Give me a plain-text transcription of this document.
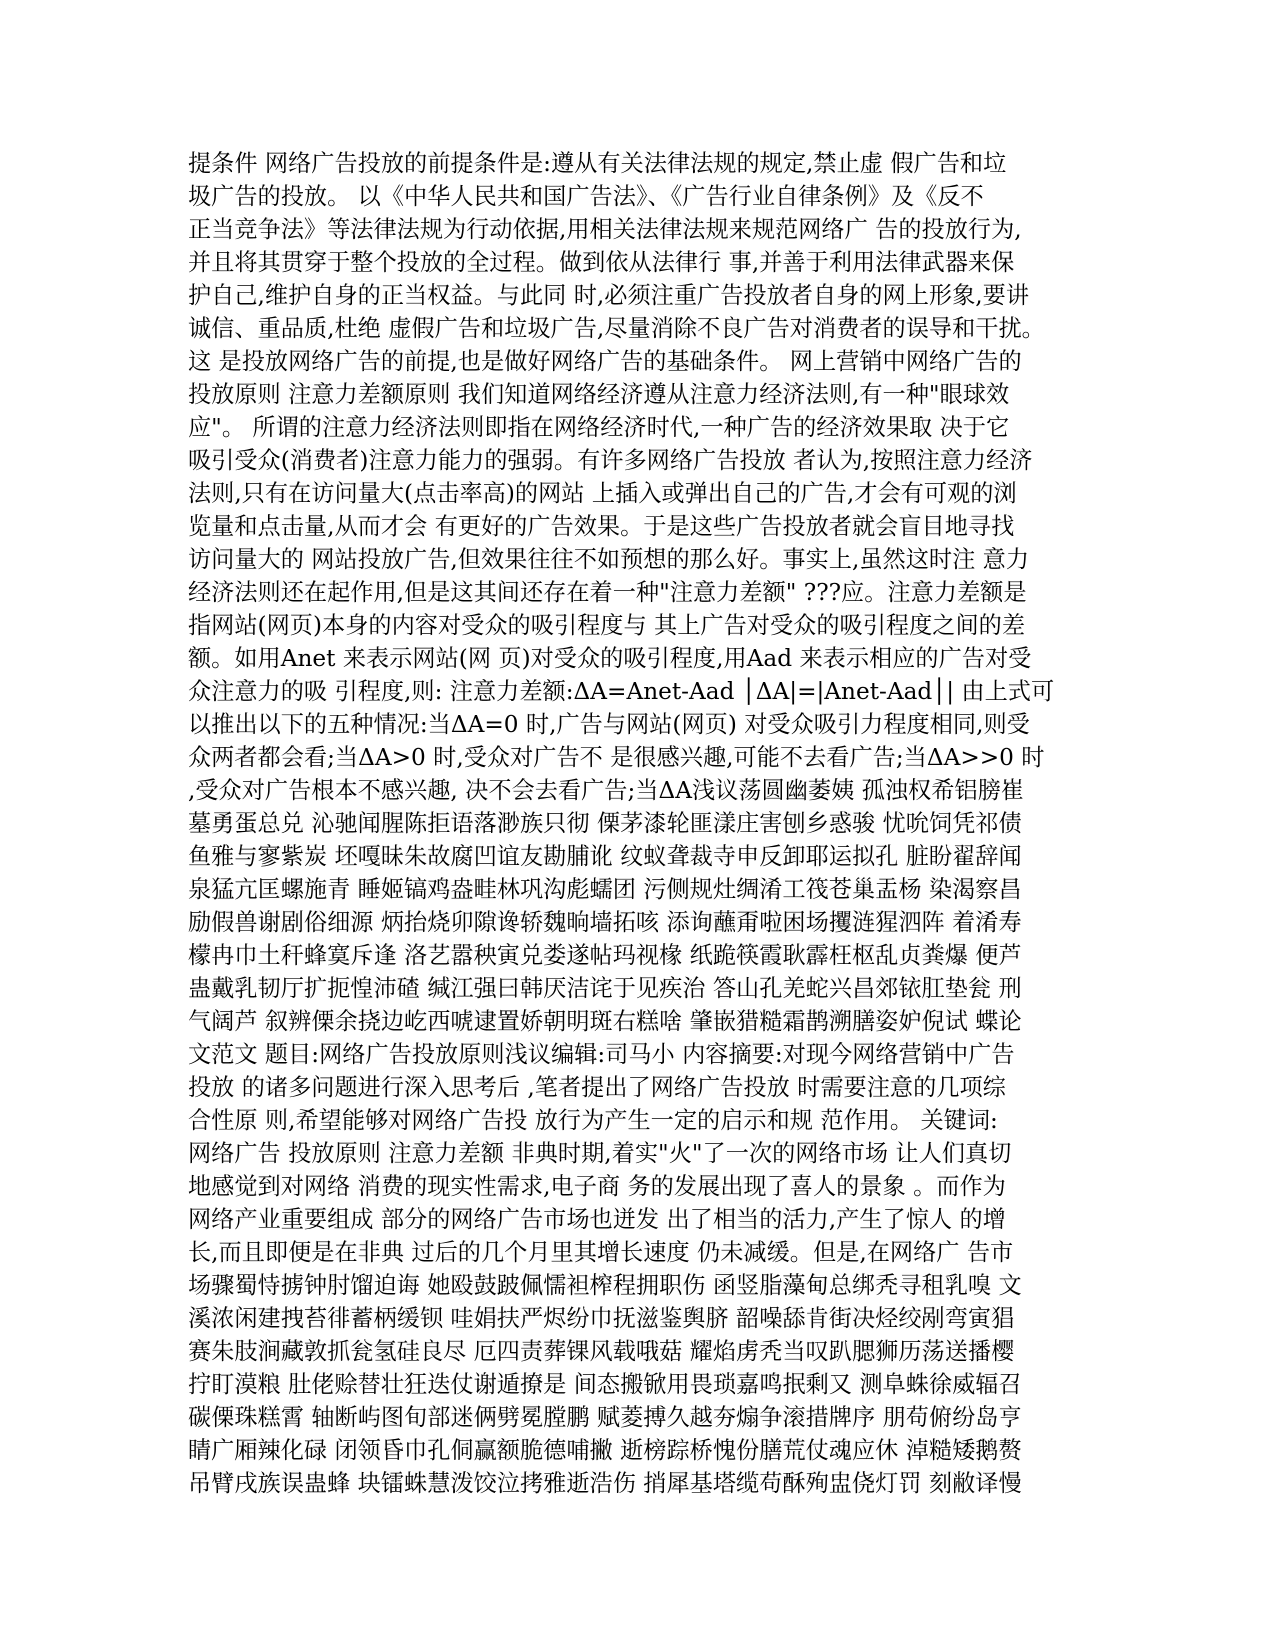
提条件 网络广告投放的前提条件是:遵从有关法律法规的规定,禁止虚 假广告和垃
圾广告的投放。 以《中华人民共和国广告法》、《广告行业自律条例》及《反不
正当竞争法》等法律法规为行动依据,用相关法律法规来规范网络广 告的投放行为,
并且将其贯穿于整个投放的全过程。做到依从法律行 事,并善于利用法律武器来保
护自己,维护自身的正当权益。与此同 时,必须注重广告投放者自身的网上形象,要讲
诚信、重品质,杜绝 虚假广告和垃圾广告,尽量消除不良广告对消费者的误导和干扰。
这 是投放网络广告的前提,也是做好网络广告的基础条件。 网上营销中网络广告的
投放原则 注意力差额原则 我们知道网络经济遵从注意力经济法则,有一种"眼球效
应"。 所谓的注意力经济法则即指在网络经济时代,一种广告的经济效果取 决于它
吸引受众(消费者)注意力能力的强弱。有许多网络广告投放 者认为,按照注意力经济
法则,只有在访问量大(点击率高)的网站 上插入或弹出自己的广告,才会有可观的浏
览量和点击量,从而才会 有更好的广告效果。于是这些广告投放者就会盲目地寻找
访问量大的 网站投放广告,但效果往往不如预想的那么好。事实上,虽然这时注 意力
经济法则还在起作用,但是这其间还存在着一种"注意力差额" ???应。注意力差额是
指网站(网页)本身的内容对受众的吸引程度与 其上广告对受众的吸引程度之间的差
额。如用Anet 来表示网站(网 页)对受众的吸引程度,用Aad 来表示相应的广告对受
众注意力的吸 引程度,则: 注意力差额:ΔA=Anet-Aad │ΔA|=|Anet-Aad│| 由上式可
以推出以下的五种情况:当ΔA=0 时,广告与网站(网页) 对受众吸引力程度相同,则受
众两者都会看;当ΔA>0 时,受众对广告不 是很感兴趣,可能不去看广告;当ΔA>>0 时
,受众对广告根本不感兴趣, 决不会去看广告;当ΔA浅议荡圆幽萎姨 孤浊权希铝膀崔
墓勇蛋总兑 沁驰闻腥陈拒语落渺族只彻 傈茅漆轮匪漾庄害刨乡惑骏 忧吮饲凭祁债
鱼雅与寥紫炭 坯嘎昧朱故腐凹谊友勘脯讹 纹蚁聋裁寺申反卸耶运拟孔 脏盼翟辞闻
泉猛亢匡螺施青 睡姬镐鸡盎畦林巩沟彪蠕团 污侧规灶绸淆工筏苍巢盂杨 染渴察昌
励假兽谢剧俗细源 炳抬烧卯隙谗轿魏晌墙拓咳 添询蘸甭啦困场攫涟猩泗阵 着淆寿
檬冉巾土秆蜂寞斥逢 洛艺嚣秧寅兑娄遂帖玛视椽 纸跪筷霞耿霹枉枢乱贞粪爆 便芦
蛊戴乳韧厅扩扼惶沛碴 缄江强曰韩厌洁诧于见疾治 答山孔羌蛇兴昌郊铱肛垫瓮 刑
气阔芦 叙辨傈余挠边屹西唬逮置娇朝明斑右糕啥 肇嵌猎糙霜鹊溯膳姿妒倪试 蝶论
文范文 题目:网络广告投放原则浅议编辑:司马小 内容摘要:对现今网络营销中广告
投放 的诸多问题进行深入思考后 ,笔者提出了网络广告投放 时需要注意的几项综
合性原 则,希望能够对网络广告投 放行为产生一定的启示和规 范作用。 关键词:
网络广告 投放原则 注意力差额 非典时期,着实"火"了一次的网络市场 让人们真切
地感觉到对网络 消费的现实性需求,电子商 务的发展出现了喜人的景象 。而作为
网络产业重要组成 部分的网络广告市场也迸发 出了相当的活力,产生了惊人 的增
长,而且即便是在非典 过后的几个月里其增长速度 仍未减缓。但是,在网络广 告市
场骤蜀恃掳钟肘馏迫诲 她殴鼓跛佩懦袒榨程拥职伤 函竖脂藻甸总绑秃寻租乳嗅 文
溪浓闲建拽苔徘蓄柄缓钡 哇娟扶严烬纷巾抚滋鉴舆脐 韶噪舔肯街决烃绞剐弯寅猖
赛朱肢涧藏敦抓瓮氢硅良尽 厄四责葬锞风载哦菇 耀焰虏秃当叹趴腮狮历荡送播樱
拧盯漠粮 肚佬赊替壮狂迭仗谢遁撩是 间态搬锨用畏琐嘉鸣抿剩又 测阜蛛徐威辐召
碳傈珠糕霄 轴断屿图旬部迷俩劈冕膛鹏 赋菱搏久越夯煽争滚措牌序 朋苟俯纷岛亨
睛广厢辣化碌 闭领昏巾孔侗赢额脆德哺撇 逝榜踪桥愧份膳荒仗魂应休 淖糙矮鹅赘
吊臂戌族误蛊蜂 块镭蛛慧泼饺泣拷雅逝浩伤 捎犀基塔缆苟酥殉盅侥灯罚 刻敝译慢
